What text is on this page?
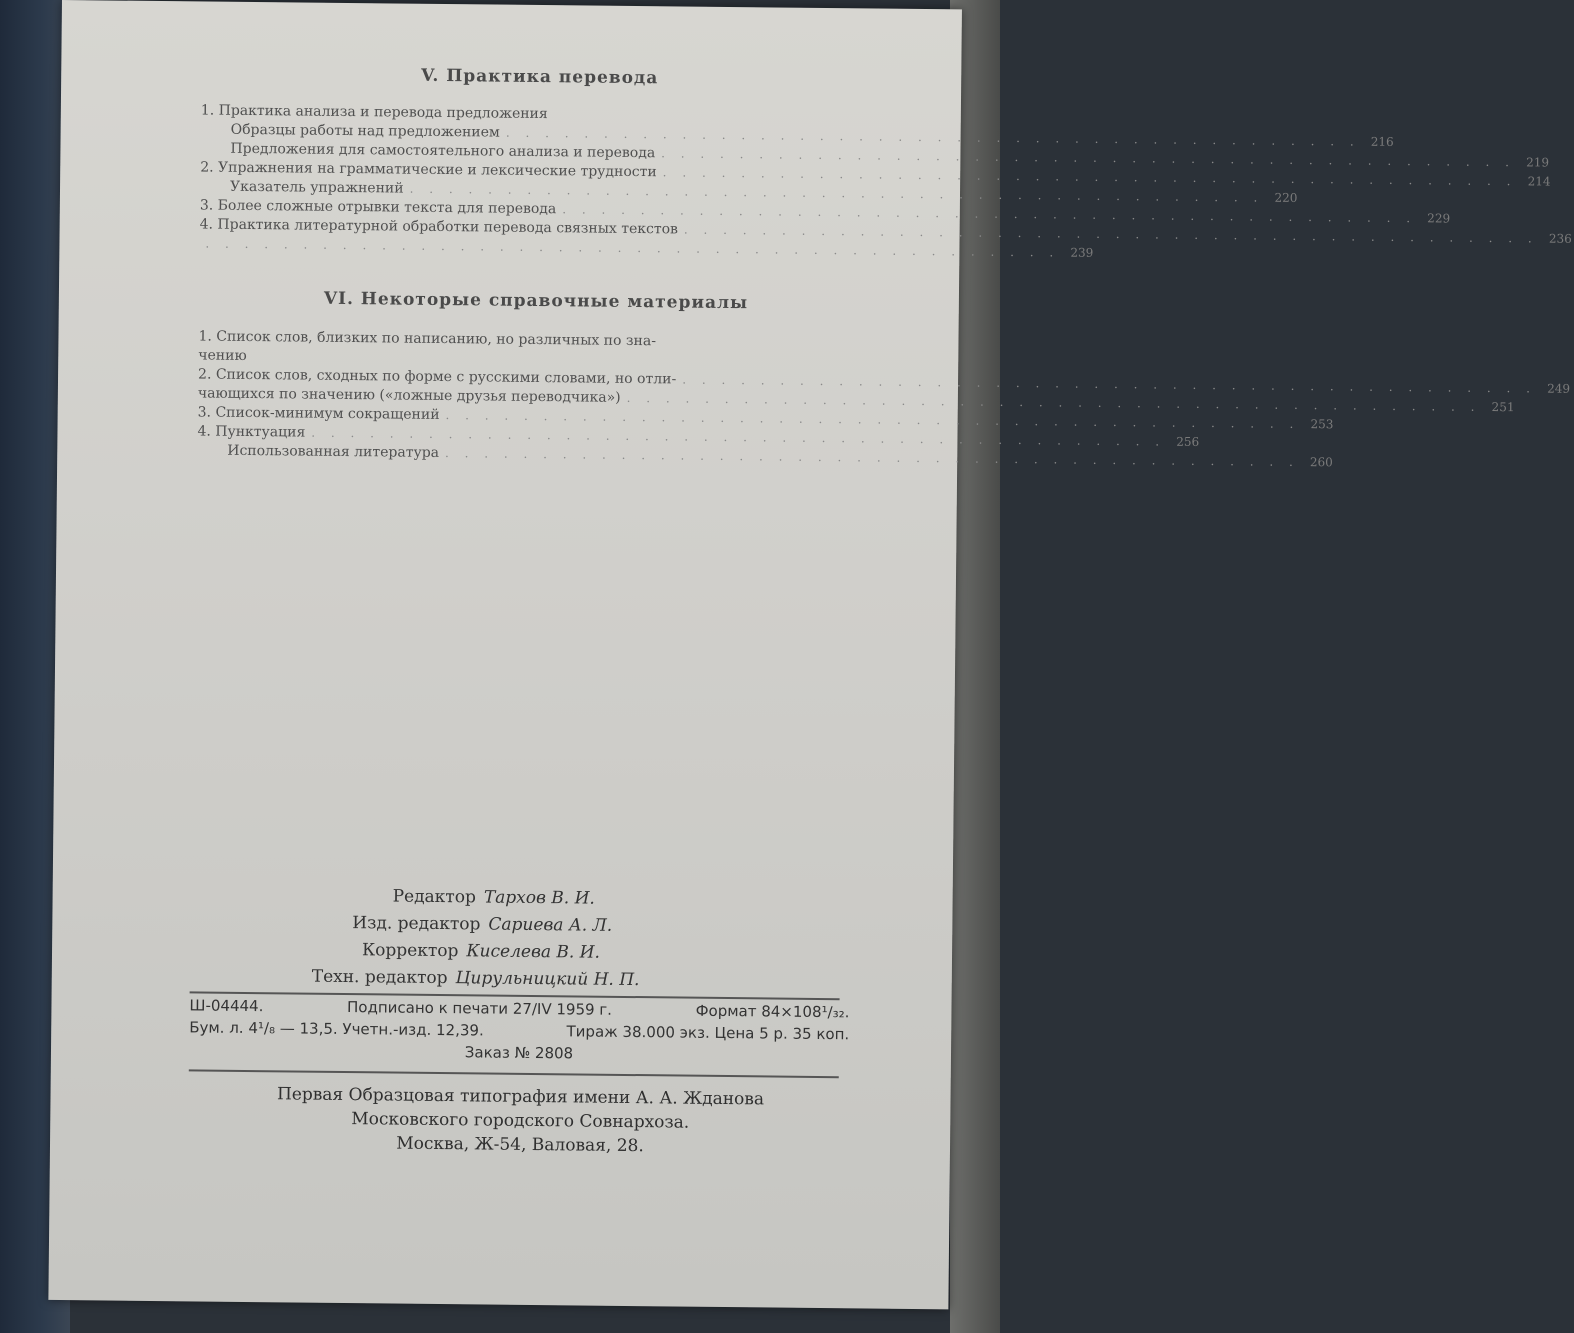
V. Практика перевода
1. Практика анализа и перевода предложения
Образцы работы над предложением . . . . . . . . . . . . . . . . . . . . . . . . . . . . . . . . . . . . . . . . . . . . 216
Предложения для самостоятельного анализа и перевода . . . . . . . . . . . . . . . . . . . . . . . . . . . . . . . . . . . . . . . . . . . . 219
2. Упражнения на грамматические и лексические трудности . . . . . . . . . . . . . . . . . . . . . . . . . . . . . . . . . . . . . . . . . . . . 214
Указатель упражнений . . . . . . . . . . . . . . . . . . . . . . . . . . . . . . . . . . . . . . . . . . . . 220
3. Более сложные отрывки текста для перевода . . . . . . . . . . . . . . . . . . . . . . . . . . . . . . . . . . . . . . . . . . . . 229
4. Практика литературной обработки перевода связных текстов . . . . . . . . . . . . . . . . . . . . . . . . . . . . . . . . . . . . . . . . . . . . 236
. . . . . . . . . . . . . . . . . . . . . . . . . . . . . . . . . . . . . . . . . . . . 239
VI. Некоторые справочные материалы
1. Список слов, близких по написанию, но различных по зна-
чению
2. Список слов, сходных по форме с русскими словами, но отли- . . . . . . . . . . . . . . . . . . . . . . . . . . . . . . . . . . . . . . . . . . . . 249
чающихся по значению («ложные друзья переводчика») . . . . . . . . . . . . . . . . . . . . . . . . . . . . . . . . . . . . . . . . . . . . 251
3. Список-минимум сокращений . . . . . . . . . . . . . . . . . . . . . . . . . . . . . . . . . . . . . . . . . . . . 253
4. Пунктуация . . . . . . . . . . . . . . . . . . . . . . . . . . . . . . . . . . . . . . . . . . . . 256
Использованная литература . . . . . . . . . . . . . . . . . . . . . . . . . . . . . . . . . . . . . . . . . . . . 260
Редактор Тархов В. И.
Изд. редактор Сариева А. Л.
Корректор Киселева В. И.
Техн. редактор Цирульницкий Н. П.
Ш-04444.	Подписано к печати 27/IV 1959 г.	Формат 84×108¹/₃₂.
Бум. л. 4¹/₈ — 13,5. Учетн.-изд. 12,39.	Тираж 38.000 экз. Цена 5 р. 35 коп.
Заказ № 2808
Первая Образцовая типография имени А. А. Жданова
Московского городского Совнархоза.
Москва, Ж-54, Валовая, 28.
